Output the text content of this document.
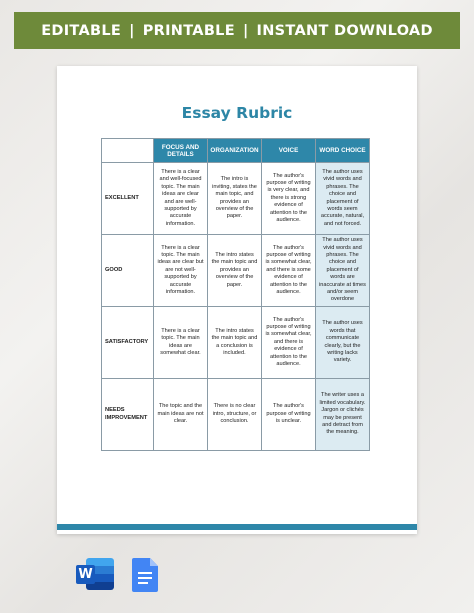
EDITABLE | PRINTABLE | INSTANT DOWNLOAD
Essay Rubric
	FOCUS AND DETAILS	ORGANIZATION	VOICE	WORD CHOICE
EXCELLENT	There is a clear and well-focused topic. The main ideas are clear and are well-supported by accurate information.	The intro is inviting, states the main topic, and provides an overview of the paper.	The author's purpose of writing is very clear, and there is strong evidence of attention to the audience.	The author uses vivid words and phrases. The choice and placement of words seem accurate, natural, and not forced.
GOOD	There is a clear topic. The main ideas are clear but are not well-supported by accurate information.	The intro states the main topic and provides an overview of the paper.	The author's purpose of writing is somewhat clear, and there is some evidence of attention to the audience.	The author uses vivid words and phrases. The choice and placement of words are inaccurate at times and/or seem overdone
SATISFACTORY	There is a clear topic. The main ideas are somewhat clear.	The intro states the main topic and a conclusion is included.	The author's purpose of writing is somewhat clear, and there is evidence of attention to the audience.	The author uses words that communicate clearly, but the writing lacks variety.
NEEDS IMPROVEMENT	The topic and the main ideas are not clear.	There is no clear intro, structure, or conclusion.	The author's purpose of writing is unclear.	The writer uses a limited vocabulary. Jargon or clichés may be present and detract from the meaning.
W
